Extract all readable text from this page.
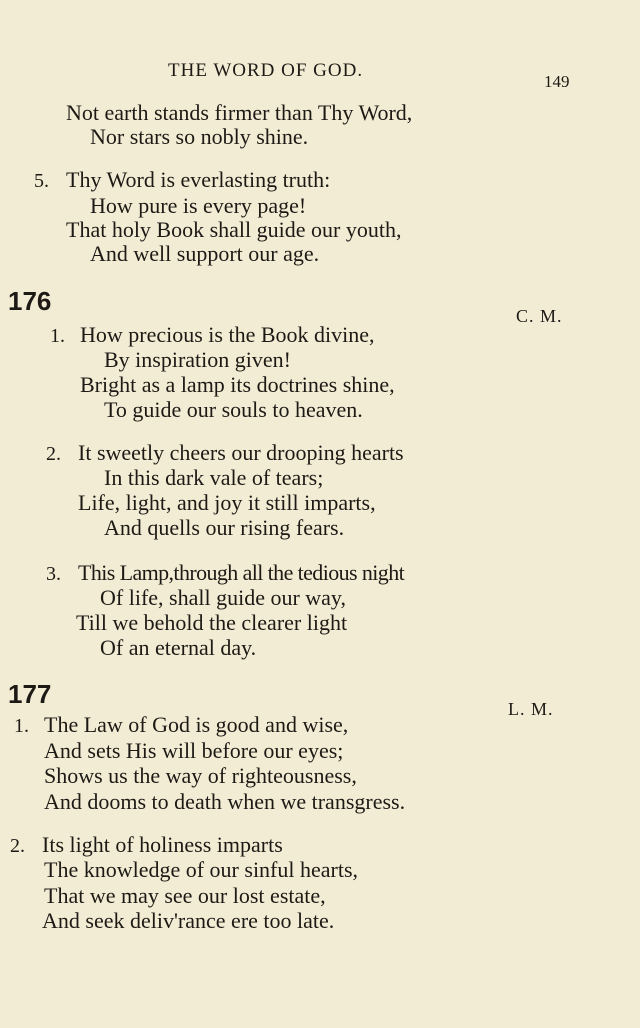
THE WORD OF GOD.
149
Not earth stands firmer than Thy Word,
Nor stars so nobly shine.
5. Thy Word is everlasting truth:
How pure is every page!
That holy Book shall guide our youth,
And well support our age.
176	C. M.
1. How precious is the Book divine,
By inspiration given!
Bright as a lamp its doctrines shine,
To guide our souls to heaven.
2. It sweetly cheers our drooping hearts
In this dark vale of tears;
Life, light, and joy it still imparts,
And quells our rising fears.
3. This Lamp,through all the tedious night
Of life, shall guide our way,
Till we behold the clearer light
Of an eternal day.
177	L. M.
1. The Law of God is good and wise,
And sets His will before our eyes;
Shows us the way of righteousness,
And dooms to death when we transgress.
2. Its light of holiness imparts
The knowledge of our sinful hearts,
That we may see our lost estate,
And seek deliv'rance ere too late.
